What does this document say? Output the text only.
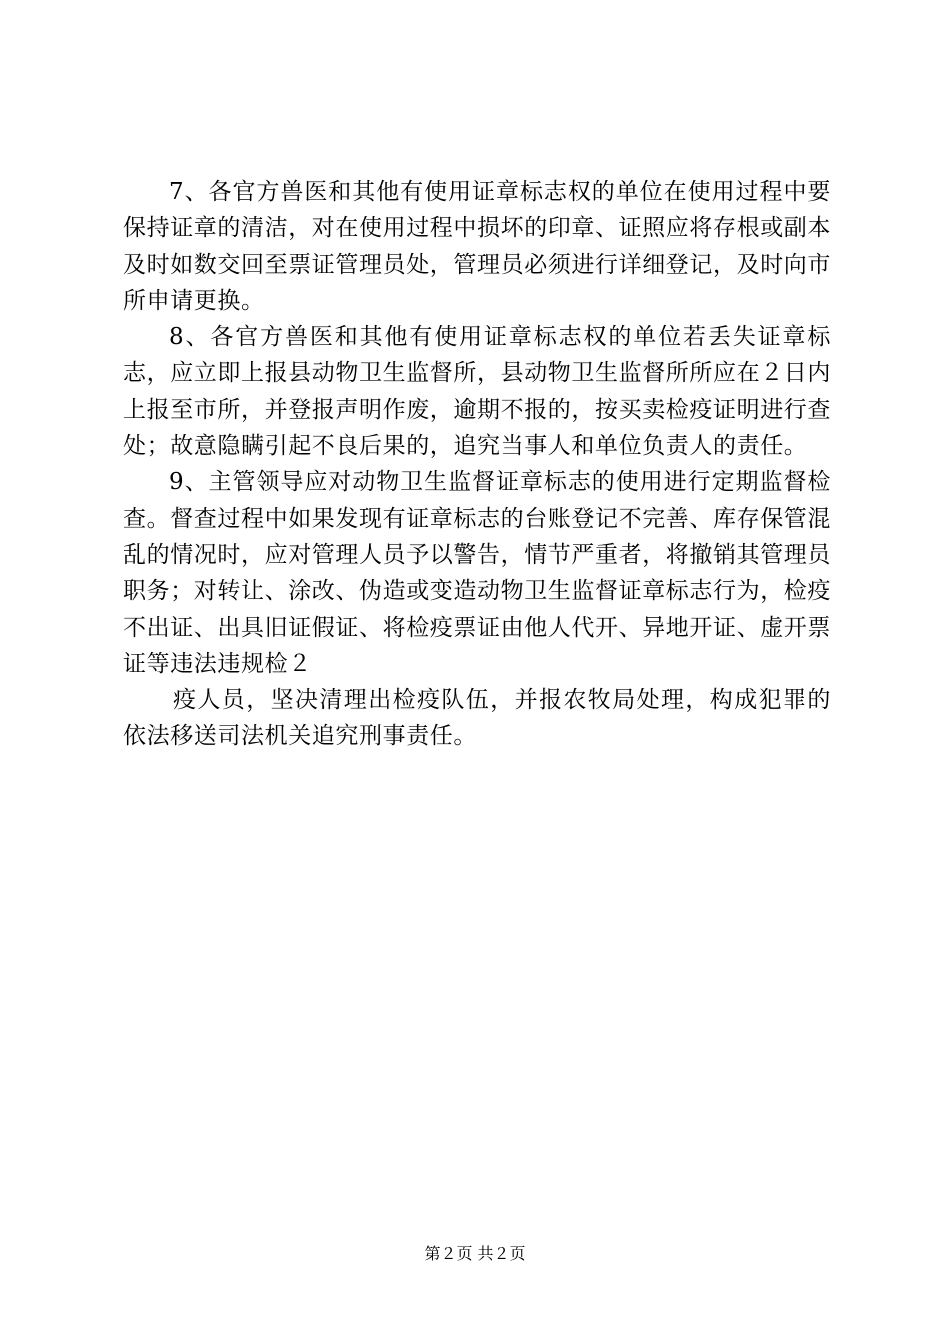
7、各官方兽医和其他有使用证章标志权的单位在使用过程中要保持证章的清洁，对在使用过程中损坏的印章、证照应将存根或副本及时如数交回至票证管理员处，管理员必须进行详细登记，及时向市所申请更换。

8、各官方兽医和其他有使用证章标志权的单位若丢失证章标志，应立即上报县动物卫生监督所，县动物卫生监督所所应在２日内上报至市所，并登报声明作废，逾期不报的，按买卖检疫证明进行查处；故意隐瞒引起不良后果的，追究当事人和单位负责人的责任。

9、主管领导应对动物卫生监督证章标志的使用进行定期监督检查。督查过程中如果发现有证章标志的台账登记不完善、库存保管混乱的情况时，应对管理人员予以警告，情节严重者，将撤销其管理员职务；对转让、涂改、伪造或变造动物卫生监督证章标志行为，检疫不出证、出具旧证假证、将检疫票证由他人代开、异地开证、虚开票证等违法违规检２

疫人员，坚决清理出检疫队伍，并报农牧局处理，构成犯罪的依法移送司法机关追究刑事责任。

第２页 共２页
